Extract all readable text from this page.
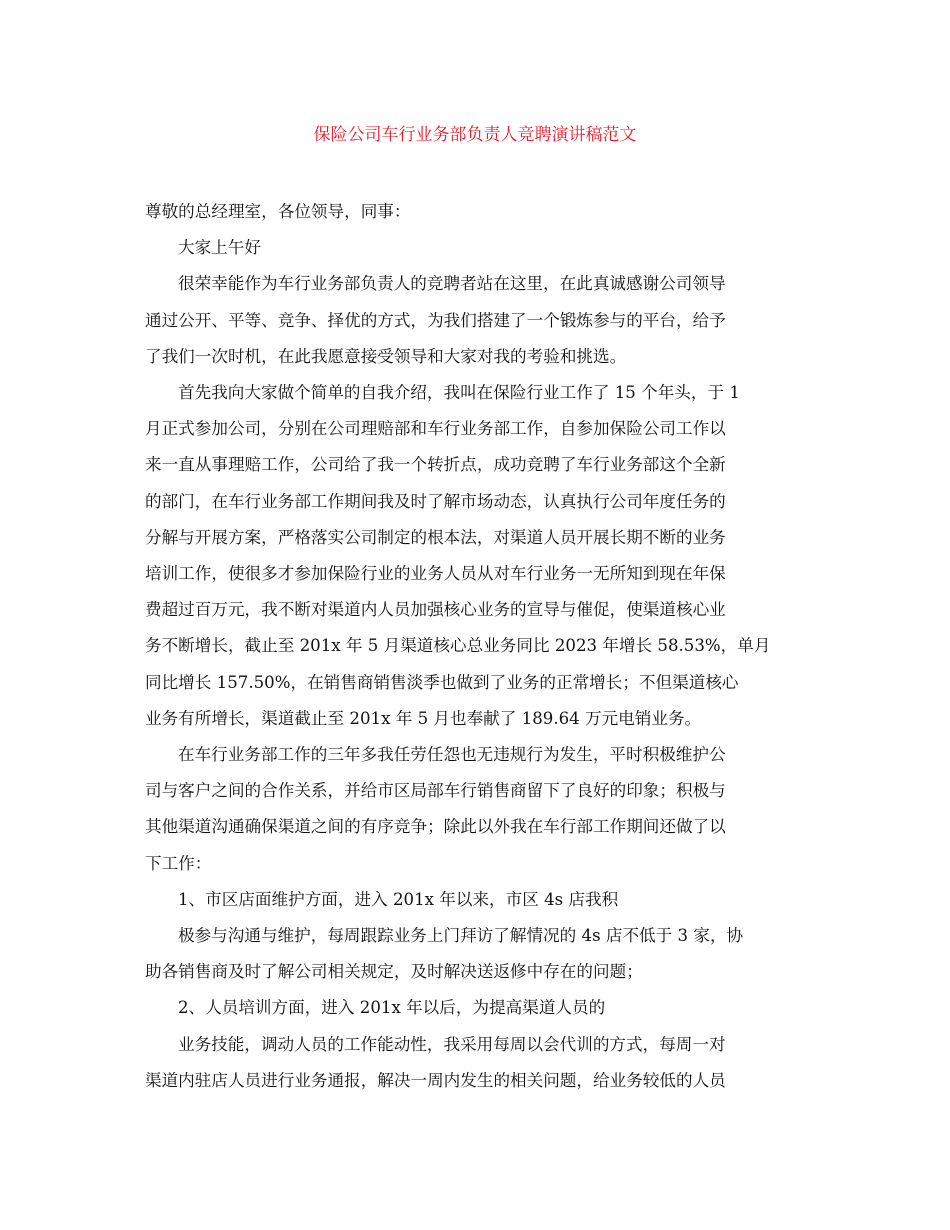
保险公司车行业务部负责人竞聘演讲稿范文

尊敬的总经理室，各位领导，同事：

大家上午好

很荣幸能作为车行业务部负责人的竞聘者站在这里，在此真诚感谢公司领导

通过公开、平等、竞争、择优的方式，为我们搭建了一个锻炼参与的平台，给予

了我们一次时机，在此我愿意接受领导和大家对我的考验和挑选。

首先我向大家做个简单的自我介绍，我叫在保险行业工作了 15 个年头，于 1

月正式参加公司，分别在公司理赔部和车行业务部工作，自参加保险公司工作以

来一直从事理赔工作，公司给了我一个转折点，成功竞聘了车行业务部这个全新

的部门，在车行业务部工作期间我及时了解市场动态，认真执行公司年度任务的

分解与开展方案，严格落实公司制定的根本法，对渠道人员开展长期不断的业务

培训工作，使很多才参加保险行业的业务人员从对车行业务一无所知到现在年保

费超过百万元，我不断对渠道内人员加强核心业务的宣导与催促，使渠道核心业

务不断增长，截止至 201x 年 5 月渠道核心总业务同比 2023 年增长 58.53%，单月

同比增长 157.50%，在销售商销售淡季也做到了业务的正常增长；不但渠道核心

业务有所增长，渠道截止至 201x 年 5 月也奉献了 189.64 万元电销业务。

在车行业务部工作的三年多我任劳任怨也无违规行为发生，平时积极维护公

司与客户之间的合作关系，并给市区局部车行销售商留下了良好的印象；积极与

其他渠道沟通确保渠道之间的有序竞争；除此以外我在车行部工作期间还做了以

下工作：

1、市区店面维护方面，进入 201x 年以来，市区 4s 店我积

极参与沟通与维护，每周跟踪业务上门拜访了解情况的 4s 店不低于 3 家，协

助各销售商及时了解公司相关规定，及时解决送返修中存在的问题；

2、人员培训方面，进入 201x 年以后，为提高渠道人员的

业务技能，调动人员的工作能动性，我采用每周以会代训的方式，每周一对

渠道内驻店人员进行业务通报，解决一周内发生的相关问题，给业务较低的人员
